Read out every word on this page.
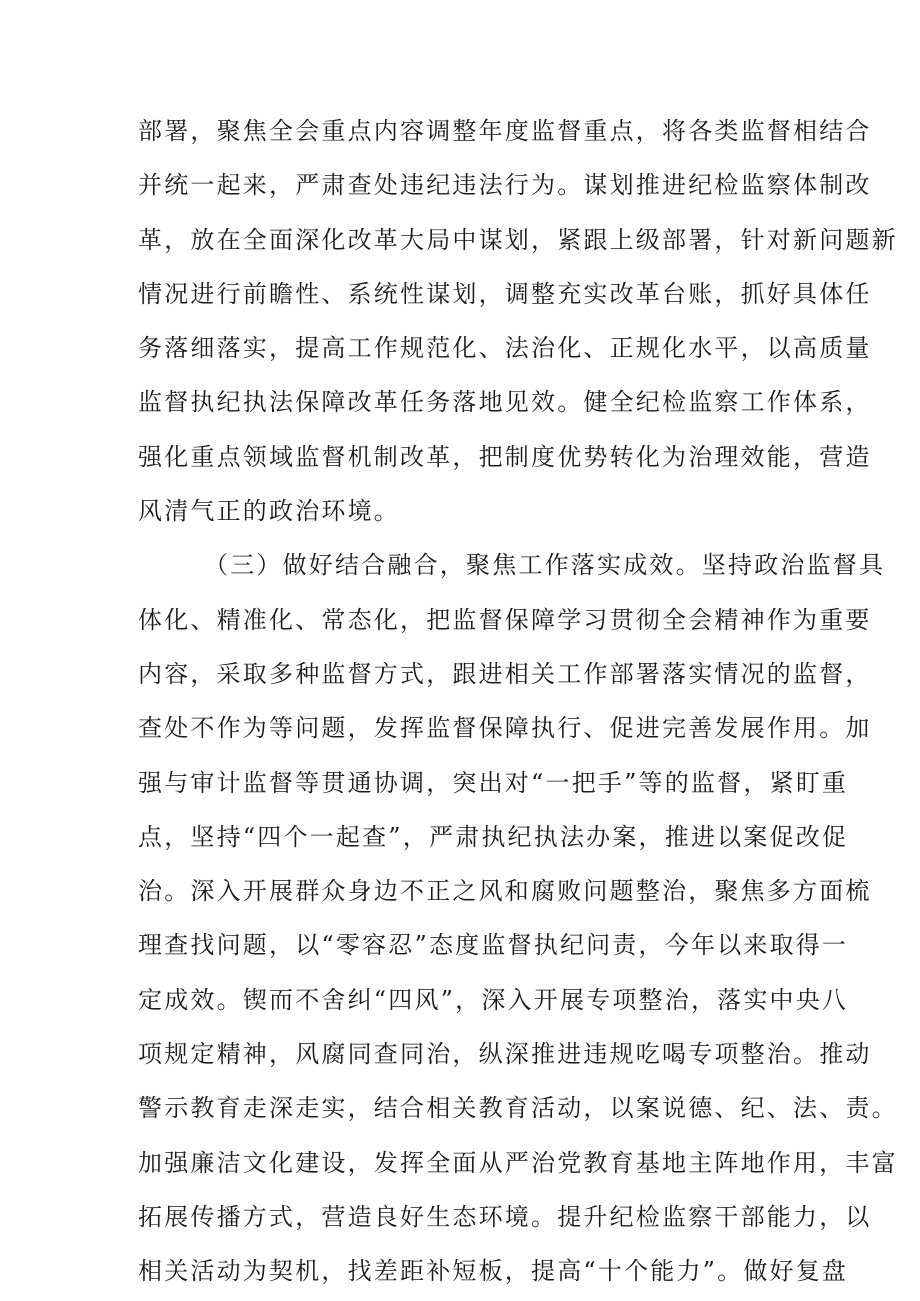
部署，聚焦全会重点内容调整年度监督重点，将各类监督相结合
并统一起来，严肃查处违纪违法行为。谋划推进纪检监察体制改
革，放在全面深化改革大局中谋划，紧跟上级部署，针对新问题新
情况进行前瞻性、系统性谋划，调整充实改革台账，抓好具体任
务落细落实，提高工作规范化、法治化、正规化水平，以高质量
监督执纪执法保障改革任务落地见效。健全纪检监察工作体系，
强化重点领域监督机制改革，把制度优势转化为治理效能，营造
风清气正的政治环境。
（三）做好结合融合，聚焦工作落实成效。坚持政治监督具
体化、精准化、常态化，把监督保障学习贯彻全会精神作为重要
内容，采取多种监督方式，跟进相关工作部署落实情况的监督，
查处不作为等问题，发挥监督保障执行、促进完善发展作用。加
强与审计监督等贯通协调，突出对“一把手”等的监督，紧盯重
点，坚持“四个一起查”，严肃执纪执法办案，推进以案促改促
治。深入开展群众身边不正之风和腐败问题整治，聚焦多方面梳
理查找问题，以“零容忍”态度监督执纪问责，今年以来取得一
定成效。锲而不舍纠“四风”，深入开展专项整治，落实中央八
项规定精神，风腐同查同治，纵深推进违规吃喝专项整治。推动
警示教育走深走实，结合相关教育活动，以案说德、纪、法、责。
加强廉洁文化建设，发挥全面从严治党教育基地主阵地作用，丰富
拓展传播方式，营造良好生态环境。提升纪检监察干部能力，以
相关活动为契机，找差距补短板，提高“十个能力”。做好复盘
